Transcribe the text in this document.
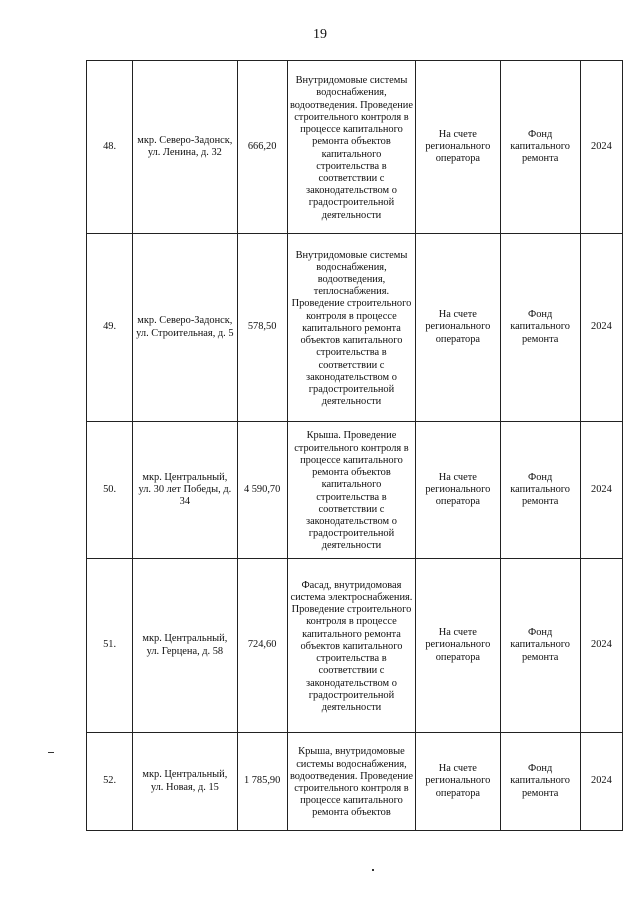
19
48.	мкр. Северо-Задонск, ул. Ленина, д. 32	666,20	Внутридомовые системы водоснабжения, водоотведения. Проведение строительного контроля в процессе капитального ремонта объектов капитального строительства в соответствии с законодательством о градостроительной деятельности	На счете регионального оператора	Фонд капитального ремонта	2024
49.	мкр. Северо-Задонск, ул. Строительная, д. 5	578,50	Внутридомовые системы водоснабжения, водоотведения, теплоснабжения. Проведение строительного контроля в процессе капитального ремонта объектов капитального строительства в соответствии с законодательством о градостроительной деятельности	На счете регионального оператора	Фонд капитального ремонта	2024
50.	мкр. Центральный, ул. 30 лет Победы, д. 34	4 590,70	Крыша. Проведение строительного контроля в процессе капитального ремонта объектов капитального строительства в соответствии с законодательством о градостроительной деятельности	На счете регионального оператора	Фонд капитального ремонта	2024
51.	мкр. Центральный, ул. Герцена, д. 58	724,60	Фасад, внутридомовая система электроснабжения. Проведение строительного контроля в процессе капитального ремонта объектов капитального строительства в соответствии с законодательством о градостроительной деятельности	На счете регионального оператора	Фонд капитального ремонта	2024
52.	мкр. Центральный, ул. Новая, д. 15	1 785,90	Крыша, внутридомовые системы водоснабжения, водоотведения. Проведение строительного контроля в процессе капитального ремонта объектов	На счете регионального оператора	Фонд капитального ремонта	2024
